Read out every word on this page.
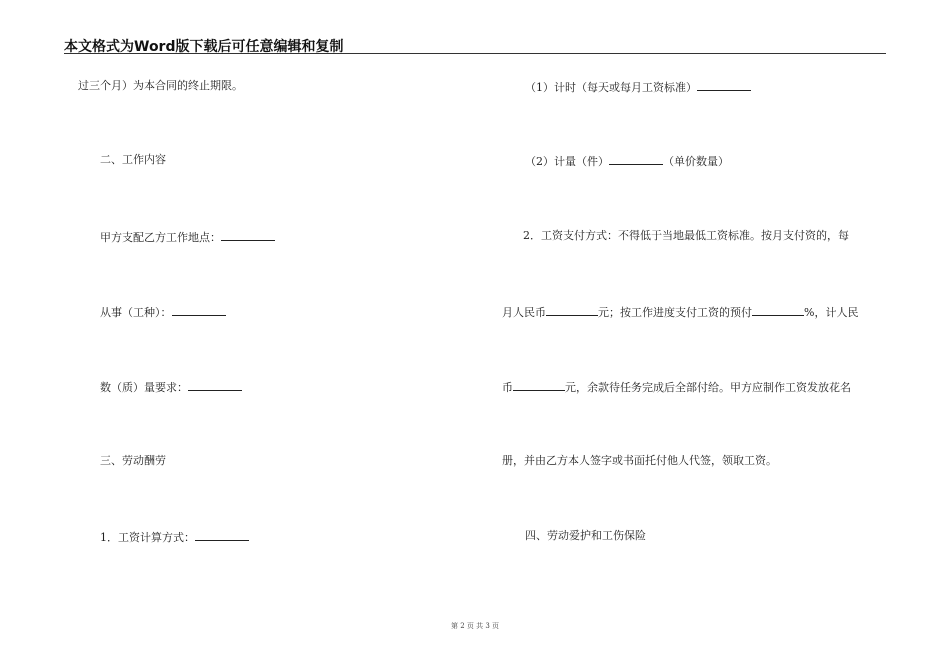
本文格式为Word版下载后可任意编辑和复制
过三个月）为本合同的终止期限。
二、工作内容
甲方支配乙方工作地点：
从事（工种）：
数（质）量要求：
三、劳动酬劳
1．工资计算方式：
（1）计时（每天或每月工资标准）
（2）计量（件）	（单价数量）
2．工资支付方式：不得低于当地最低工资标准。按月支付资的，每
月人民币	元；按工作进度支付工资的预付	%，计人民
币	元，余款待任务完成后全部付给。甲方应制作工资发放花名
册，并由乙方本人签字或书面托付他人代签，领取工资。
四、劳动爱护和工伤保险
第 2 页 共 3 页
